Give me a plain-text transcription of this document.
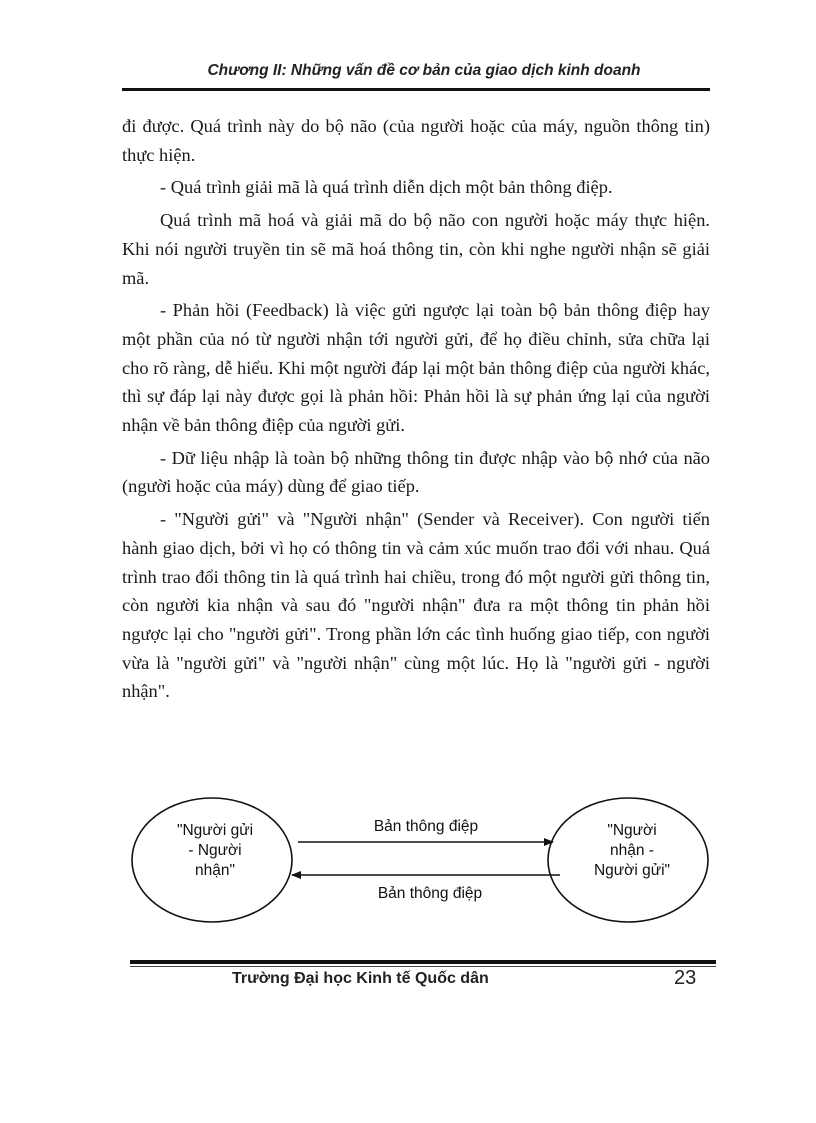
Chương II: Những vấn đề cơ bản của giao dịch kinh doanh

đi được. Quá trình này do bộ não (của người hoặc của máy, nguồn thông tin) thực hiện.

- Quá trình giải mã là quá trình diễn dịch một bản thông điệp.

Quá trình mã hoá và giải mã do bộ não con người hoặc máy thực hiện. Khi nói người truyền tin sẽ mã hoá thông tin, còn khi nghe người nhận sẽ giải mã.

- Phản hồi (Feedback) là việc gửi ngược lại toàn bộ bản thông điệp hay một phần của nó từ người nhận tới người gửi, để họ điều chỉnh, sửa chữa lại cho rõ ràng, dễ hiểu. Khi một người đáp lại một bản thông điệp của người khác, thì sự đáp lại này được gọi là phản hồi: Phản hồi là sự phản ứng lại của người nhận về bản thông điệp của người gửi.

- Dữ liệu nhập là toàn bộ những thông tin được nhập vào bộ nhớ của não (người hoặc của máy) dùng để giao tiếp.

- "Người gửi" và "Người nhận" (Sender và Receiver). Con người tiến hành giao dịch, bởi vì họ có thông tin và cảm xúc muốn trao đổi với nhau. Quá trình trao đổi thông tin là quá trình hai chiều, trong đó một người gửi thông tin, còn người kia nhận và sau đó "người nhận" đưa ra một thông tin phản hồi ngược lại cho "người gửi". Trong phần lớn các tình huống giao tiếp, con người vừa là "người gửi" và "người nhận" cùng một lúc. Họ là "người gửi - người nhận".

"Người gửi
- Người
nhận"
"Người
nhận -
Người gửi"
Bản thông điệp
Bản thông điệp
Trường Đại học Kinh tế Quốc dân	23
